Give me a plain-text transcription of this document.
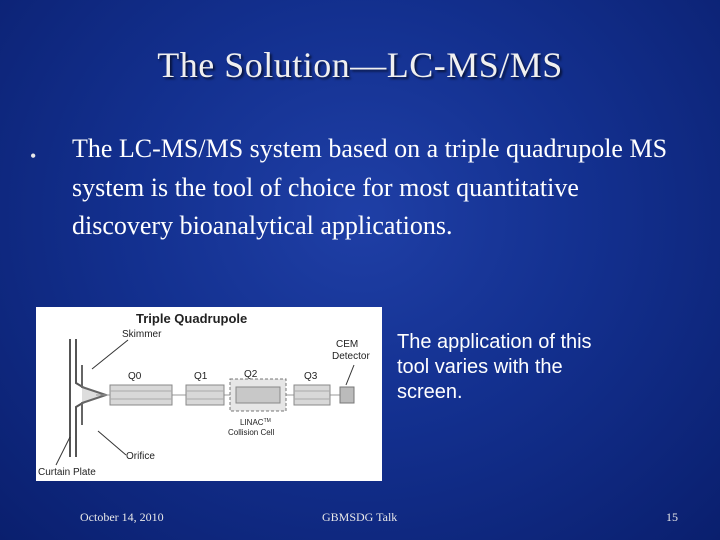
The Solution—LC-MS/MS
• The LC-MS/MS system based on a triple quadrupole MS system is the tool of choice for most quantitative discovery bioanalytical applications.
Triple Quadrupole
Skimmer
CEM
Detector
Q0	Q1	Q2	Q3
LINAC™
Collision Cell
Orifice
Curtain Plate
The application of this tool varies with the screen.
October 14, 2010	GBMSDG Talk	15
